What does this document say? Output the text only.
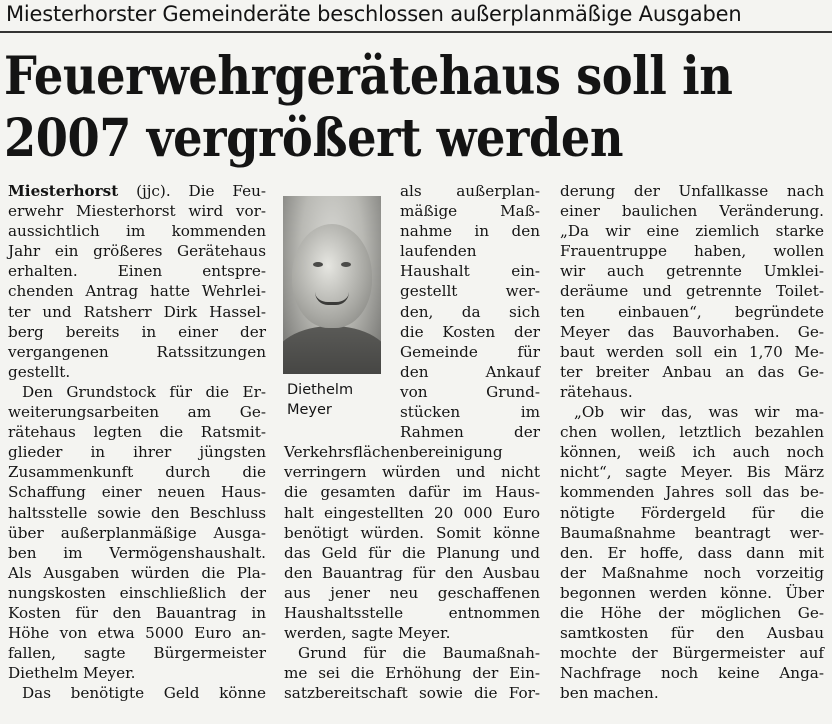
Miesterhorster Gemeinderäte beschlossen außerplanmäßige Ausgaben
Feuerwehrgerätehaus soll in
2007 vergrößert werden
Miesterhorst (jjc). Die Feu-
erwehr Miesterhorst wird vor-
aussichtlich im kommenden
Jahr ein größeres Gerätehaus
erhalten. Einen entspre-
chenden Antrag hatte Wehrlei-
ter und Ratsherr Dirk Hassel-
berg bereits in einer der
vergangenen Ratssitzungen
gestellt.
Den Grundstock für die Er-
weiterungsarbeiten am Ge-
rätehaus legten die Ratsmit-
glieder in ihrer jüngsten
Zusammenkunft durch die
Schaffung einer neuen Haus-
haltsstelle sowie den Beschluss
über außerplanmäßige Ausga-
ben im Vermögenshaushalt.
Als Ausgaben würden die Pla-
nungskosten einschließlich der
Kosten für den Bauantrag in
Höhe von etwa 5000 Euro an-
fallen, sagte Bürgermeister
Diethelm Meyer.
Das benötigte Geld könne
Diethelm
Meyer
als außerplan-
mäßige Maß-
nahme in den
laufenden
Haushalt ein-
gestellt wer-
den, da sich
die Kosten der
Gemeinde für
den Ankauf
von Grund-
stücken im
Rahmen der
Verkehrsflächenbereinigung
verringern würden und nicht
die gesamten dafür im Haus-
halt eingestellten 20 000 Euro
benötigt würden. Somit könne
das Geld für die Planung und
den Bauantrag für den Ausbau
aus jener neu geschaffenen
Haushaltsstelle entnommen
werden, sagte Meyer.
Grund für die Baumaßnah-
me sei die Erhöhung der Ein-
satzbereitschaft sowie die For-
derung der Unfallkasse nach
einer baulichen Veränderung.
„Da wir eine ziemlich starke
Frauentruppe haben, wollen
wir auch getrennte Umklei-
deräume und getrennte Toilet-
ten einbauen“, begründete
Meyer das Bauvorhaben. Ge-
baut werden soll ein 1,70 Me-
ter breiter Anbau an das Ge-
rätehaus.
„Ob wir das, was wir ma-
chen wollen, letztlich bezahlen
können, weiß ich auch noch
nicht“, sagte Meyer. Bis März
kommenden Jahres soll das be-
nötigte Fördergeld für die
Baumaßnahme beantragt wer-
den. Er hoffe, dass dann mit
der Maßnahme noch vorzeitig
begonnen werden könne. Über
die Höhe der möglichen Ge-
samtkosten für den Ausbau
mochte der Bürgermeister auf
Nachfrage noch keine Anga-
ben machen.
